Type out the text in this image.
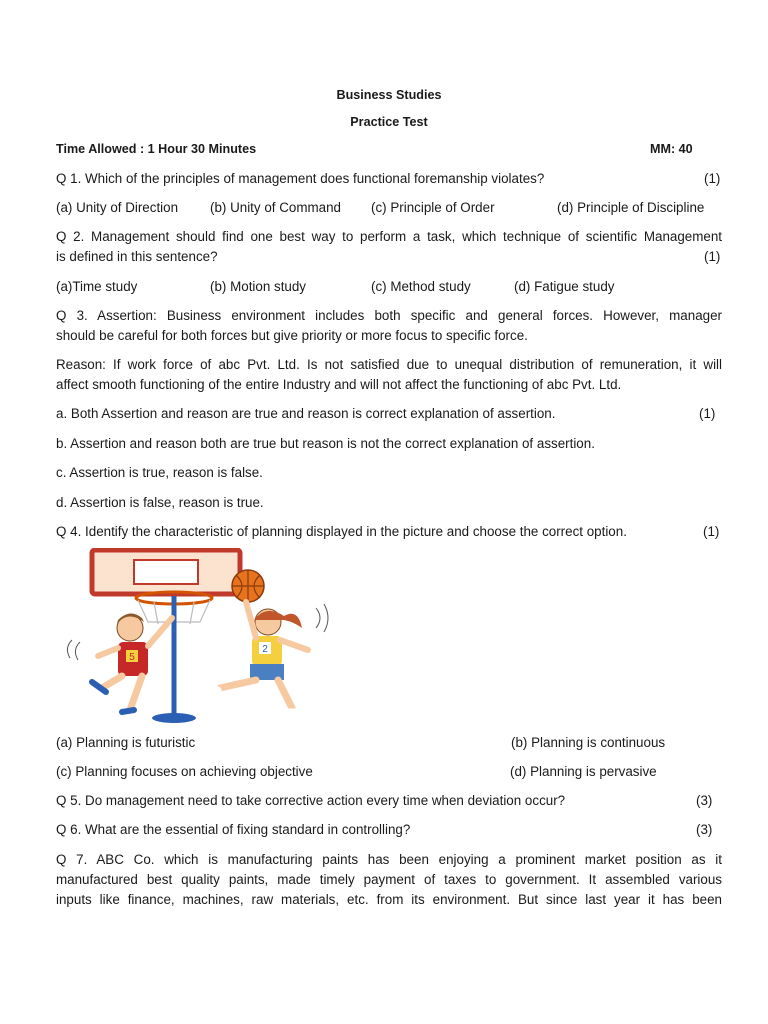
Business Studies
Practice Test
Time Allowed : 1 Hour 30 Minutes	MM: 40
Q 1. Which of the principles of management does functional foremanship violates?	(1)
(a) Unity of Direction (b) Unity of Command (c) Principle of Order	(d) Principle of Discipline
Q 2. Management should find one best way to perform a task, which technique of scientific Management
is defined in this sentence?	(1)
(a)Time study	(b) Motion study	(c) Method study	(d) Fatigue study
Q 3. Assertion: Business environment includes both specific and general forces. However, manager
should be careful for both forces but give priority or more focus to specific force.
Reason: If work force of abc Pvt. Ltd. Is not satisfied due to unequal distribution of remuneration, it will
affect smooth functioning of the entire Industry and will not affect the functioning of abc Pvt. Ltd.
a. Both Assertion and reason are true and reason is correct explanation of assertion.	(1)
b. Assertion and reason both are true but reason is not the correct explanation of assertion.
c. Assertion is true, reason is false.
d. Assertion is false, reason is true.
Q 4. Identify the characteristic of planning displayed in the picture and choose the correct option.	(1)
5
2
(a) Planning is futuristic	(b) Planning is continuous
(c) Planning focuses on achieving objective	(d) Planning is pervasive
Q 5. Do management need to take corrective action every time when deviation occur?	(3)
Q 6. What are the essential of fixing standard in controlling?	(3)
Q 7. ABC Co. which is manufacturing paints has been enjoying a prominent market position as it
manufactured best quality paints, made timely payment of taxes to government. It assembled various
inputs like finance, machines, raw materials, etc. from its environment. But since last year it has been
